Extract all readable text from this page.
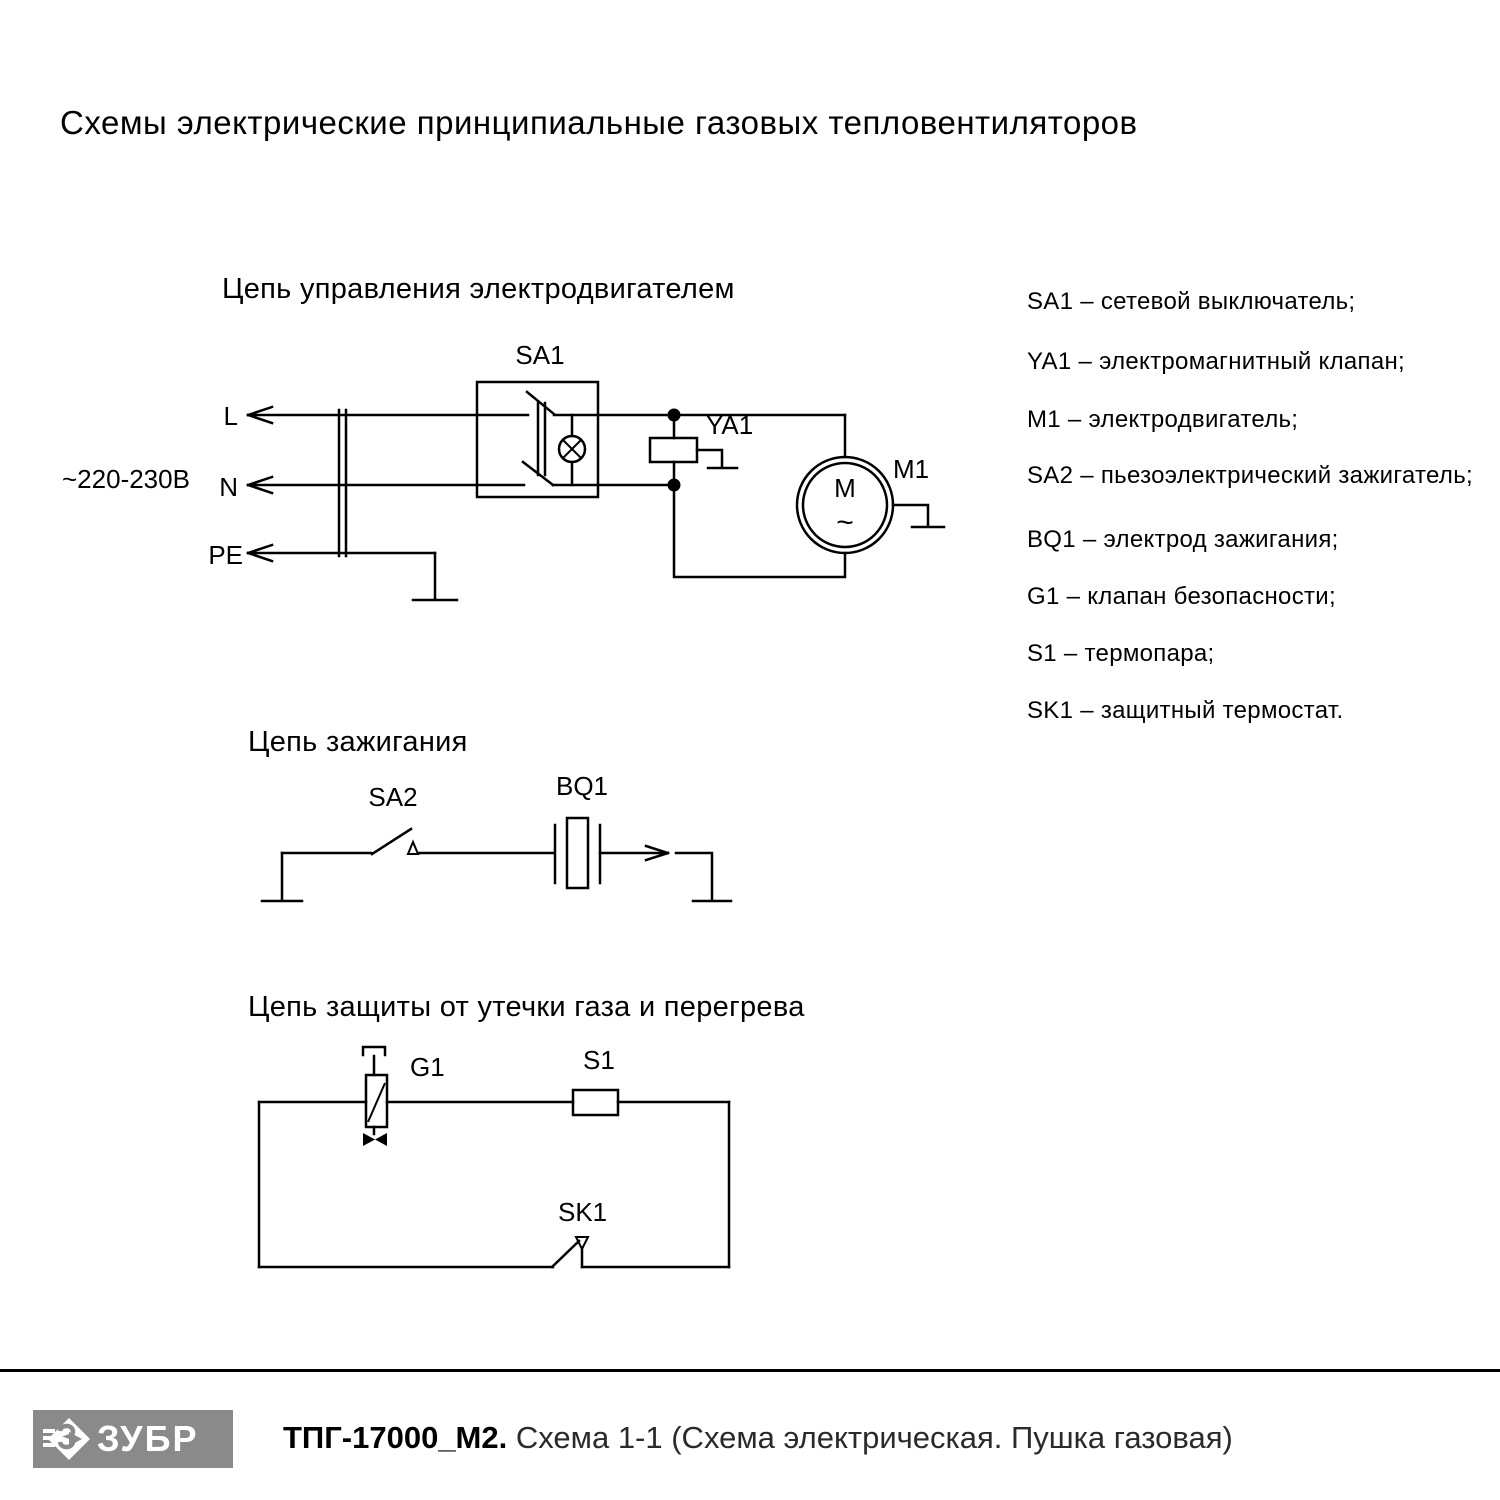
Схемы электрические принципиальные газовых тепловентиляторов
Цепь управления электродвигателем
Цепь зажигания
Цепь защиты от утечки газа и перегрева
M
~
~220-230В
L
N
PE
SA1
YA1
M1
SA2	BQ1
G1	S1
SK1
SA1 – сетевой выключатель;
YA1 – электромагнитный клапан;
M1 – электродвигатель;
SA2 – пьезоэлектрический зажигатель;
BQ1 – электрод зажигания;
G1 – клапан безопасности;
S1 – термопара;
SK1 – защитный термостат.
ЗУБР	ТПГ-17000_М2. Схема 1-1 (Схема электрическая. Пушка газовая)
